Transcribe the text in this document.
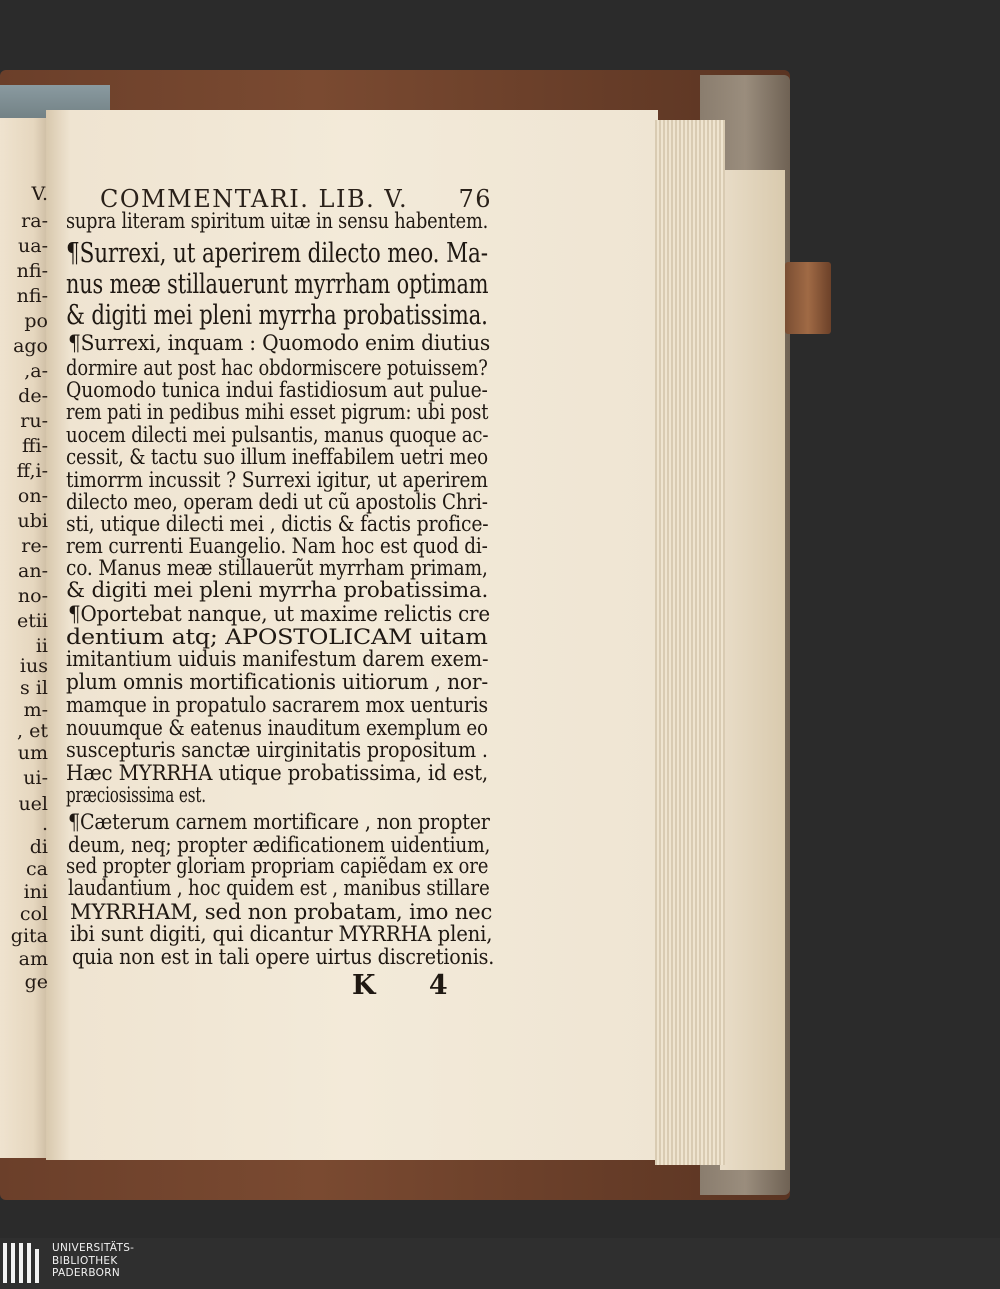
V.
ra-
ua-
nfi-
nfi-
po
ago
,a-
de-
ru-
ffi-
ff,i-
on-
ubi
re-
an-
no-
etii
ii
ius
s il
m-
, et
um
ui-
uel
.
di
ca
ini
col
gita
am
ge
COMMENTARI. LIB. V. 76
supra literam spiritum uitæ in sensu habentem.
¶Surrexi, ut aperirem dilecto meo. Ma-
nus meæ stillauerunt myrrham optimam
& digiti mei pleni myrrha probatissima.
¶Surrexi, inquam : Quomodo enim diutius
dormire aut post hac obdormiscere potuissem?
Quomodo tunica indui fastidiosum aut pulue-
rem pati in pedibus mihi esset pigrum: ubi post
uocem dilecti mei pulsantis, manus quoque ac-
cessit, & tactu suo illum ineffabilem uetri meo
timorrm incussit ? Surrexi igitur, ut aperirem
dilecto meo, operam dedi ut cũ apostolis Chri-
sti, utique dilecti mei , dictis & factis profice-
rem currenti Euangelio. Nam hoc est quod di-
co. Manus meæ stillauerũt myrrham primam,
& digiti mei pleni myrrha probatissima.
¶Oportebat nanque, ut maxime relictis cre
dentium atq; APOSTOLICAM uitam
imitantium uiduis manifestum darem exem-
plum omnis mortificationis uitiorum , nor-
mamque in propatulo sacrarem mox uenturis
nouumque & eatenus inauditum exemplum eo
suscepturis sanctæ uirginitatis propositum .
Hæc MYRRHA utique probatissima, id est,
præciosissima est.
¶Cæterum carnem mortificare , non propter
deum, neq; propter ædificationem uidentium,
sed propter gloriam propriam capiẽdam ex ore
laudantium , hoc quidem est , manibus stillare
MYRRHAM, sed non probatam, imo nec
ibi sunt digiti, qui dicantur MYRRHA pleni,
quia non est in tali opere uirtus discretionis.
K 4
UNIVERSITÄTS-
BIBLIOTHEK
PADERBORN
